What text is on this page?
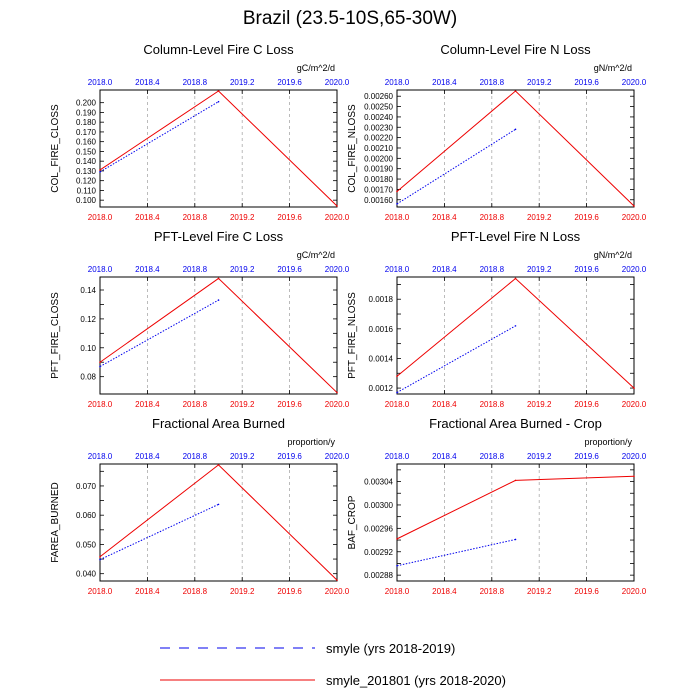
Brazil (23.5-10S,65-30W)
Column-Level Fire C Loss
gC/m^2/d
COL_FIRE_CLOSS
2018.0
2018.0
2018.4
2018.4
2018.8
2018.8
2019.2
2019.2
2019.6
2019.6
2020.0
2020.0
0.100
0.110
0.120
0.130
0.140
0.150
0.160
0.170
0.180
0.190
0.200
Column-Level Fire N Loss
gN/m^2/d
COL_FIRE_NLOSS
2018.0
2018.0
2018.4
2018.4
2018.8
2018.8
2019.2
2019.2
2019.6
2019.6
2020.0
2020.0
0.00160
0.00170
0.00180
0.00190
0.00200
0.00210
0.00220
0.00230
0.00240
0.00250
0.00260
PFT-Level Fire C Loss
gC/m^2/d
PFT_FIRE_CLOSS
2018.0
2018.0
2018.4
2018.4
2018.8
2018.8
2019.2
2019.2
2019.6
2019.6
2020.0
2020.0
0.08
0.10
0.12
0.14
PFT-Level Fire N Loss
gN/m^2/d
PFT_FIRE_NLOSS
2018.0
2018.0
2018.4
2018.4
2018.8
2018.8
2019.2
2019.2
2019.6
2019.6
2020.0
2020.0
0.0012
0.0014
0.0016
0.0018
Fractional Area Burned
proportion/y
FAREA_BURNED
2018.0
2018.0
2018.4
2018.4
2018.8
2018.8
2019.2
2019.2
2019.6
2019.6
2020.0
2020.0
0.040
0.050
0.060
0.070
Fractional Area Burned - Crop
proportion/y
BAF_CROP
2018.0
2018.0
2018.4
2018.4
2018.8
2018.8
2019.2
2019.2
2019.6
2019.6
2020.0
2020.0
0.00288
0.00292
0.00296
0.00300
0.00304
smyle (yrs 2018-2019)
smyle_201801 (yrs 2018-2020)
